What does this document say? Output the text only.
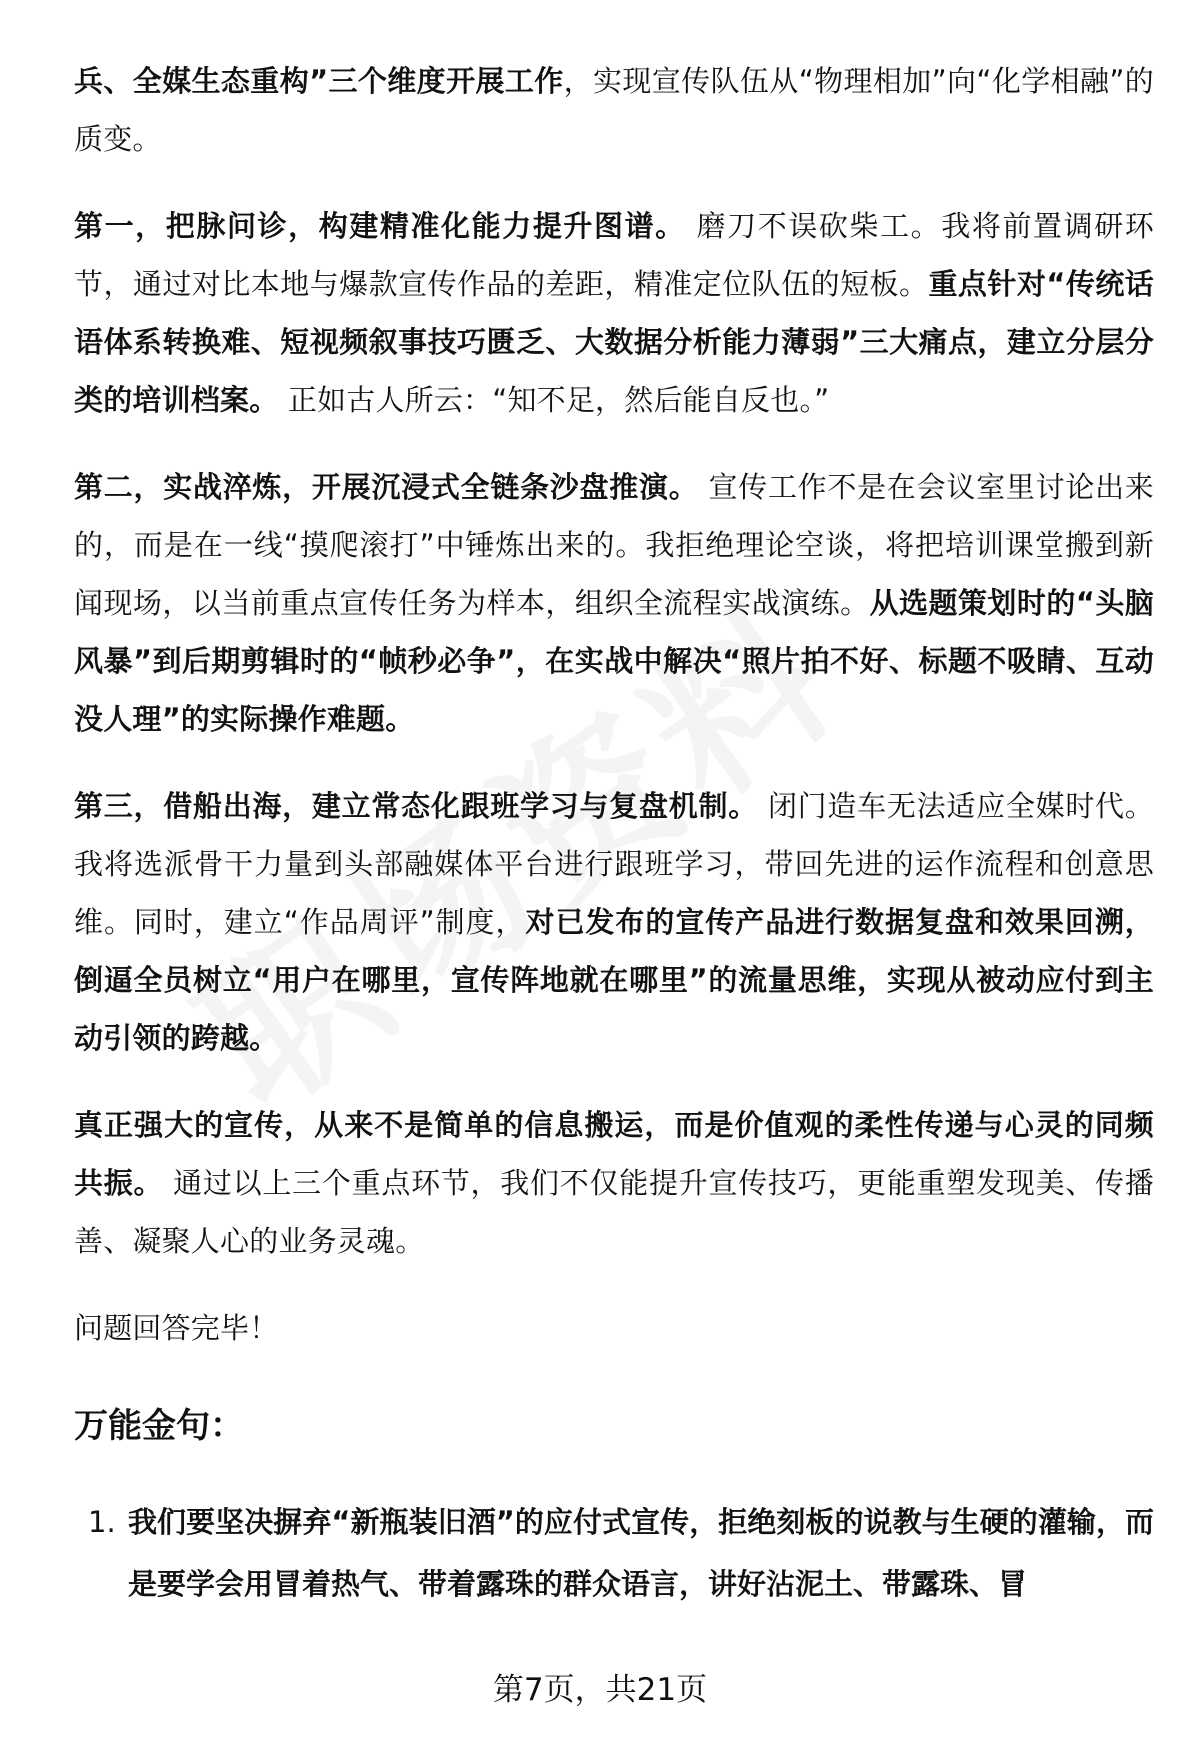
兵、全媒生态重构”三个维度开展工作，实现宣传队伍从“物理相加”向“化学相融”的质变。
第一，把脉问诊，构建精准化能力提升图谱。 磨刀不误砍柴工。我将前置调研环节，通过对比本地与爆款宣传作品的差距，精准定位队伍的短板。重点针对“传统话语体系转换难、短视频叙事技巧匮乏、大数据分析能力薄弱”三大痛点，建立分层分类的培训档案。 正如古人所云：“知不足，然后能自反也。”
第二，实战淬炼，开展沉浸式全链条沙盘推演。 宣传工作不是在会议室里讨论出来的，而是在一线“摸爬滚打”中锤炼出来的。我拒绝理论空谈，将把培训课堂搬到新闻现场，以当前重点宣传任务为样本，组织全流程实战演练。从选题策划时的“头脑风暴”到后期剪辑时的“帧秒必争”，在实战中解决“照片拍不好、标题不吸睛、互动没人理”的实际操作难题。
第三，借船出海，建立常态化跟班学习与复盘机制。 闭门造车无法适应全媒时代。我将选派骨干力量到头部融媒体平台进行跟班学习，带回先进的运作流程和创意思维。同时，建立“作品周评”制度，对已发布的宣传产品进行数据复盘和效果回溯，倒逼全员树立“用户在哪里，宣传阵地就在哪里”的流量思维，实现从被动应付到主动引领的跨越。
真正强大的宣传，从来不是简单的信息搬运，而是价值观的柔性传递与心灵的同频共振。 通过以上三个重点环节，我们不仅能提升宣传技巧，更能重塑发现美、传播善、凝聚人心的业务灵魂。
问题回答完毕！
万能金句：
1. 我们要坚决摒弃“新瓶装旧酒”的应付式宣传，拒绝刻板的说教与生硬的灌输，而是要学会用冒着热气、带着露珠的群众语言，讲好沾泥土、带露珠、冒
第7页，共21页
